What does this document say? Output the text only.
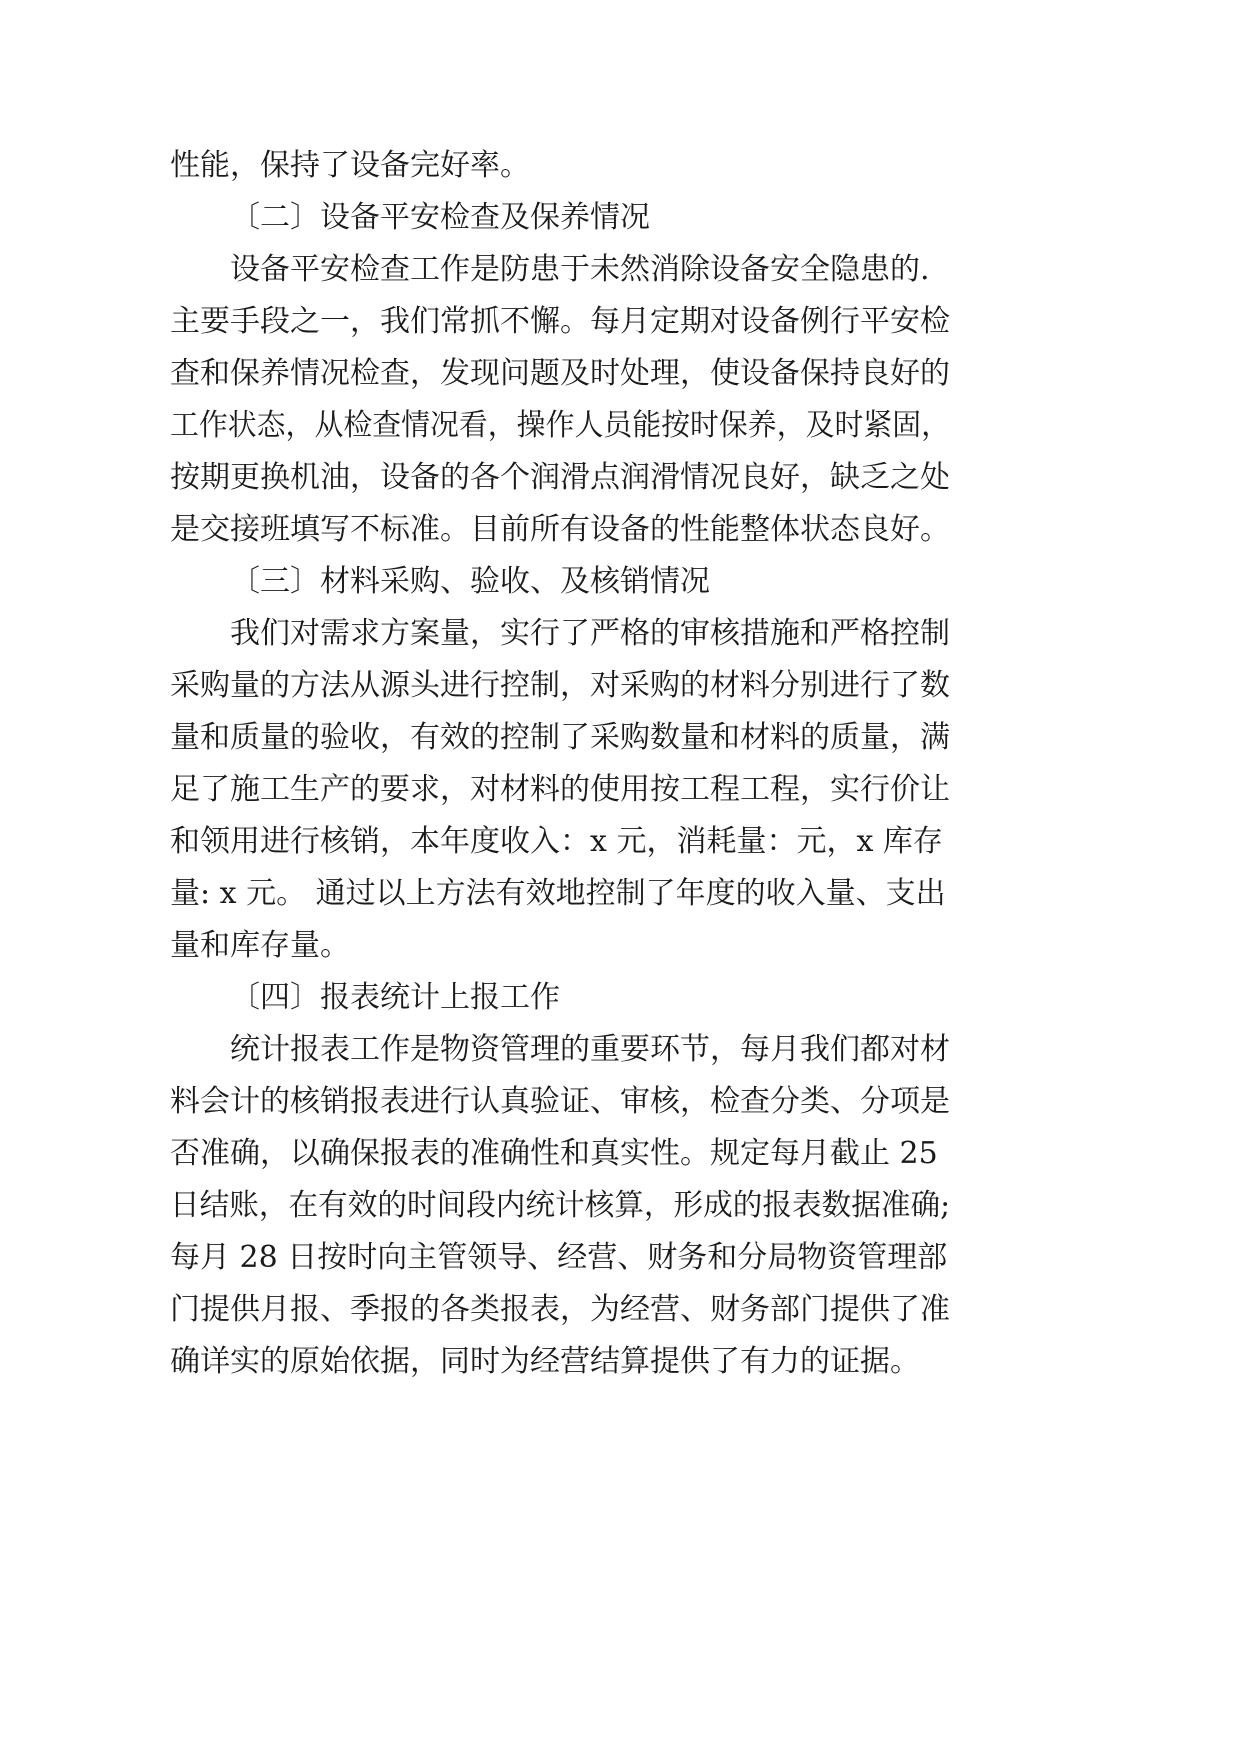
性能，保持了设备完好率。
〔二〕设备平安检查及保养情况
设备平安检查工作是防患于未然消除设备安全隐患的.
主要手段之一，我们常抓不懈。每月定期对设备例行平安检
查和保养情况检查，发现问题及时处理，使设备保持良好的
工作状态，从检查情况看，操作人员能按时保养，及时紧固，
按期更换机油，设备的各个润滑点润滑情况良好，缺乏之处
是交接班填写不标准。目前所有设备的性能整体状态良好。
〔三〕材料采购、验收、及核销情况
我们对需求方案量，实行了严格的审核措施和严格控制
采购量的方法从源头进行控制，对采购的材料分别进行了数
量和质量的验收，有效的控制了采购数量和材料的质量，满
足了施工生产的要求，对材料的使用按工程工程，实行价让
和领用进行核销，本年度收入：x 元，消耗量：元，x 库存
量: x 元。 通过以上方法有效地控制了年度的收入量、支出
量和库存量。
〔四〕报表统计上报工作
统计报表工作是物资管理的重要环节，每月我们都对材
料会计的核销报表进行认真验证、审核，检查分类、分项是
否准确，以确保报表的准确性和真实性。规定每月截止 25
日结账，在有效的时间段内统计核算，形成的报表数据准确;
每月 28 日按时向主管领导、经营、财务和分局物资管理部
门提供月报、季报的各类报表，为经营、财务部门提供了准
确详实的原始依据，同时为经营结算提供了有力的证据。
